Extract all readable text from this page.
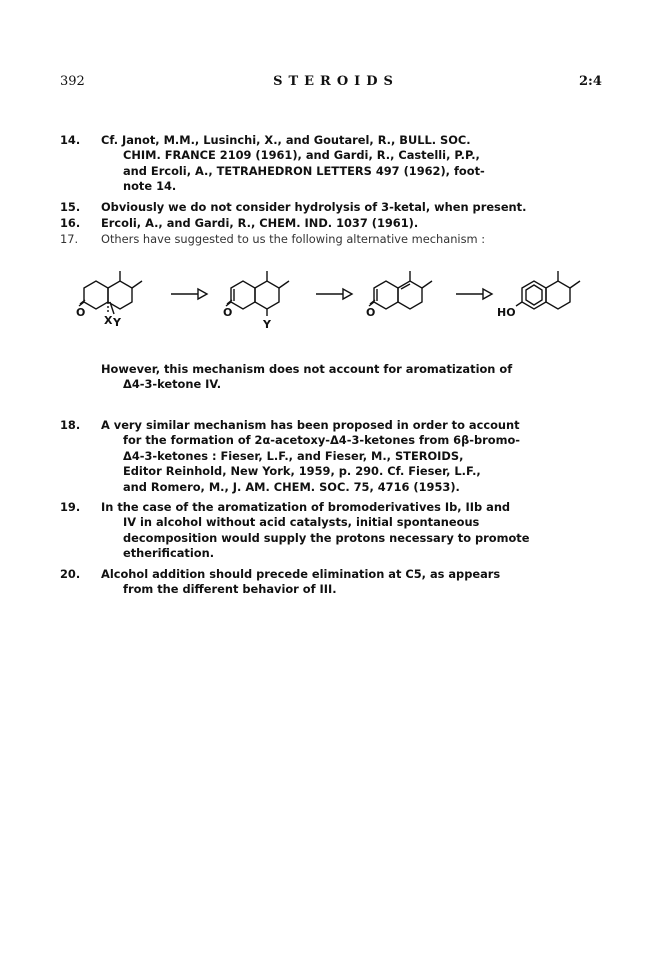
392	STEROIDS	2:4
14.	Cf. Janot, M.M., Lusinchi, X., and Goutarel, R., BULL. SOC.
CHIM. FRANCE 2109 (1961), and Gardi, R., Castelli, P.P.,
and Ercoli, A., TETRAHEDRON LETTERS 497 (1962), foot-
note 14.
15.	Obviously we do not consider hydrolysis of 3-ketal, when present.
16.	Ercoli, A., and Gardi, R., CHEM. IND. 1037 (1961).
17.	Others have suggested to us the following alternative mechanism :
O
X Y
O
Y
O	HO
However, this mechanism does not account for aromatization of
Δ4-3-ketone IV.
18.	A very similar mechanism has been proposed in order to account
for the formation of 2α-acetoxy-Δ4-3-ketones from 6β-bromo-
Δ4-3-ketones : Fieser, L.F., and Fieser, M., STEROIDS,
Editor Reinhold, New York, 1959, p. 290. Cf. Fieser, L.F.,
and Romero, M., J. AM. CHEM. SOC. 75, 4716 (1953).
19.	In the case of the aromatization of bromoderivatives Ib, IIb and
IV in alcohol without acid catalysts, initial spontaneous
decomposition would supply the protons necessary to promote
etherification.
20.	Alcohol addition should precede elimination at C5, as appears
from the different behavior of III.
